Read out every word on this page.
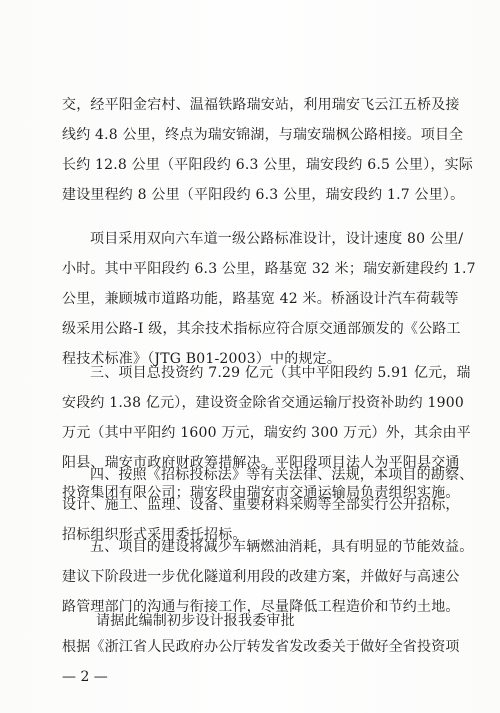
交，经平阳金宕村、温福铁路瑞安站，利用瑞安飞云江五桥及接
线约 4.8 公里，终点为瑞安锦湖，与瑞安瑞枫公路相接。项目全
长约 12.8 公里（平阳段约 6.3 公里，瑞安段约 6.5 公里），实际
建设里程约 8 公里（平阳段约 6.3 公里，瑞安段约 1.7 公里）。
项目采用双向六车道一级公路标准设计，设计速度 80 公里/
小时。其中平阳段约 6.3 公里，路基宽 32 米；瑞安新建段约 1.7
公里，兼顾城市道路功能，路基宽 42 米。桥涵设计汽车荷载等
级采用公路-I 级，其余技术指标应符合原交通部颁发的《公路工
程技术标准》（JTG B01-2003）中的规定。
三、项目总投资约 7.29 亿元（其中平阳段约 5.91 亿元，瑞
安段约 1.38 亿元），建设资金除省交通运输厅投资补助约 1900
万元（其中平阳约 1600 万元，瑞安约 300 万元）外，其余由平
阳县、瑞安市政府财政筹措解决。平阳段项目法人为平阳县交通
投资集团有限公司；瑞安段由瑞安市交通运输局负责组织实施。
四、按照《招标投标法》等有关法律、法规，本项目的勘察、
设计、施工、监理、设备、重要材料采购等全部实行公开招标，
招标组织形式采用委托招标。
五、项目的建设将减少车辆燃油消耗，具有明显的节能效益。
建议下阶段进一步优化隧道利用段的改建方案，并做好与高速公
路管理部门的沟通与衔接工作，尽量降低工程造价和节约土地。
请据此编制初步设计报我委审批
根据《浙江省人民政府办公厅转发省发改委关于做好全省投资项
— 2 —
